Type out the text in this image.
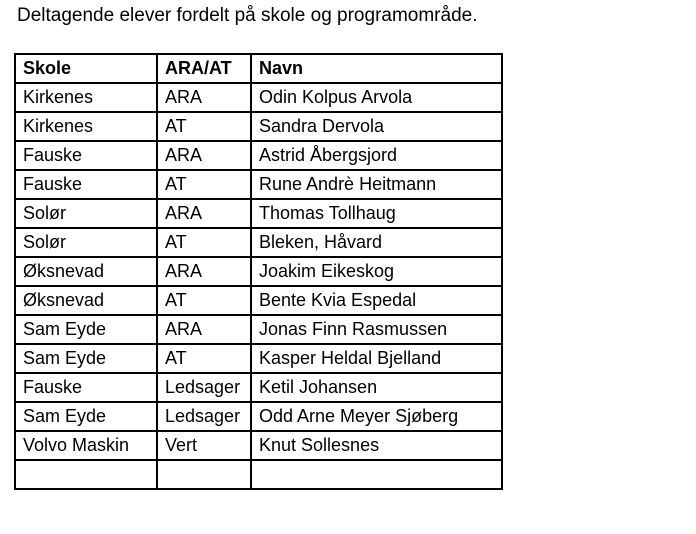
Deltagende elever fordelt på skole og programområde.
Skole	ARA/AT	Navn
Kirkenes	ARA	Odin Kolpus Arvola
Kirkenes	AT	Sandra Dervola
Fauske	ARA	Astrid Åbergsjord
Fauske	AT	Rune Andrè Heitmann
Solør	ARA	Thomas Tollhaug
Solør	AT	Bleken, Håvard
Øksnevad	ARA	Joakim Eikeskog
Øksnevad	AT	Bente Kvia Espedal
Sam Eyde	ARA	Jonas Finn Rasmussen
Sam Eyde	AT	Kasper Heldal Bjelland
Fauske	Ledsager	Ketil Johansen
Sam Eyde	Ledsager	Odd Arne Meyer Sjøberg
Volvo Maskin	Vert	Knut Sollesnes
